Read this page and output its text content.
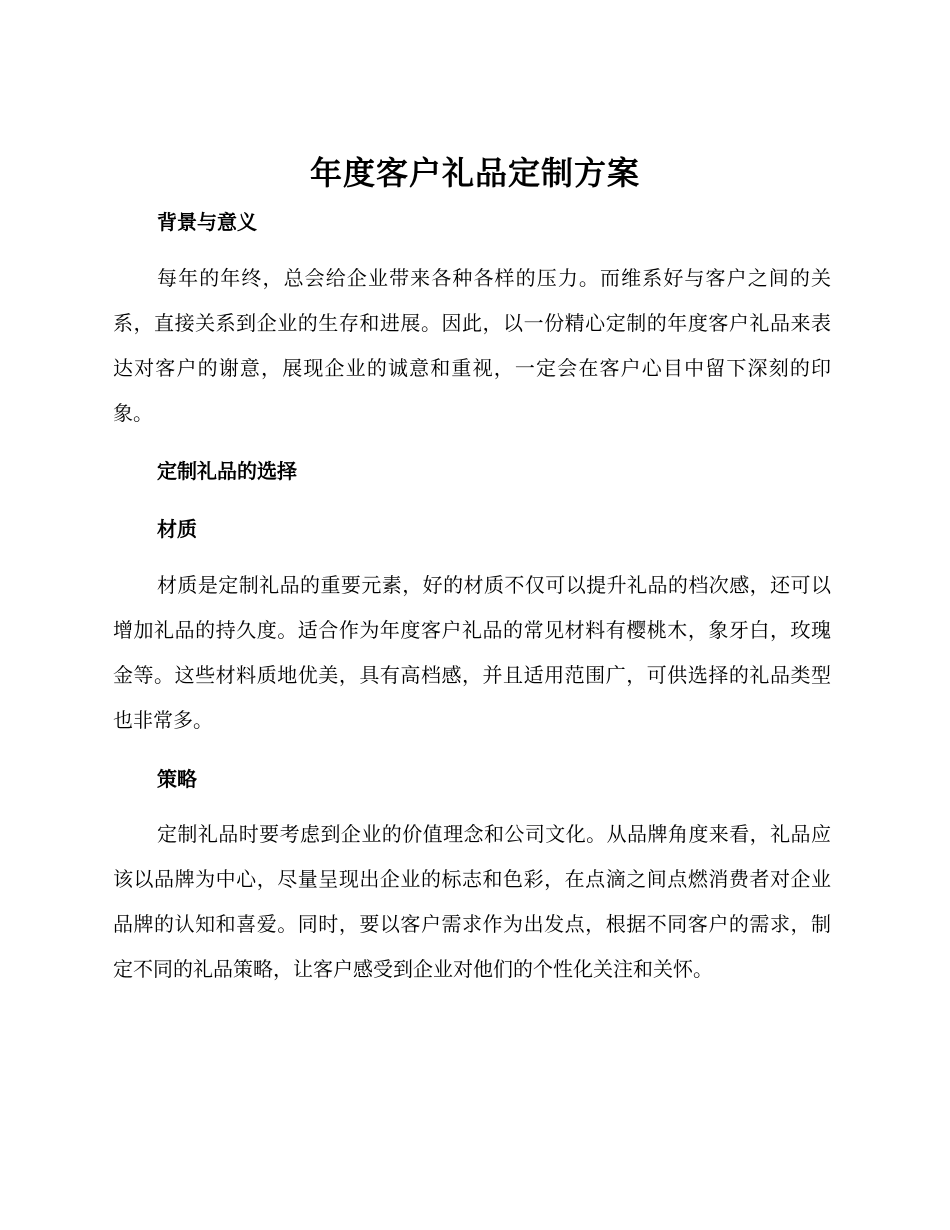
年度客户礼品定制方案
背景与意义

每年的年终，总会给企业带来各种各样的压力。而维系好与客户之间的关系，直接关系到企业的生存和进展。因此，以一份精心定制的年度客户礼品来表达对客户的谢意，展现企业的诚意和重视，一定会在客户心目中留下深刻的印象。

定制礼品的选择
材质

材质是定制礼品的重要元素，好的材质不仅可以提升礼品的档次感，还可以增加礼品的持久度。适合作为年度客户礼品的常见材料有樱桃木，象牙白，玫瑰金等。这些材料质地优美，具有高档感，并且适用范围广，可供选择的礼品类型也非常多。

策略

定制礼品时要考虑到企业的价值理念和公司文化。从品牌角度来看，礼品应该以品牌为中心，尽量呈现出企业的标志和色彩，在点滴之间点燃消费者对企业品牌的认知和喜爱。同时，要以客户需求作为出发点，根据不同客户的需求，制定不同的礼品策略，让客户感受到企业对他们的个性化关注和关怀。
